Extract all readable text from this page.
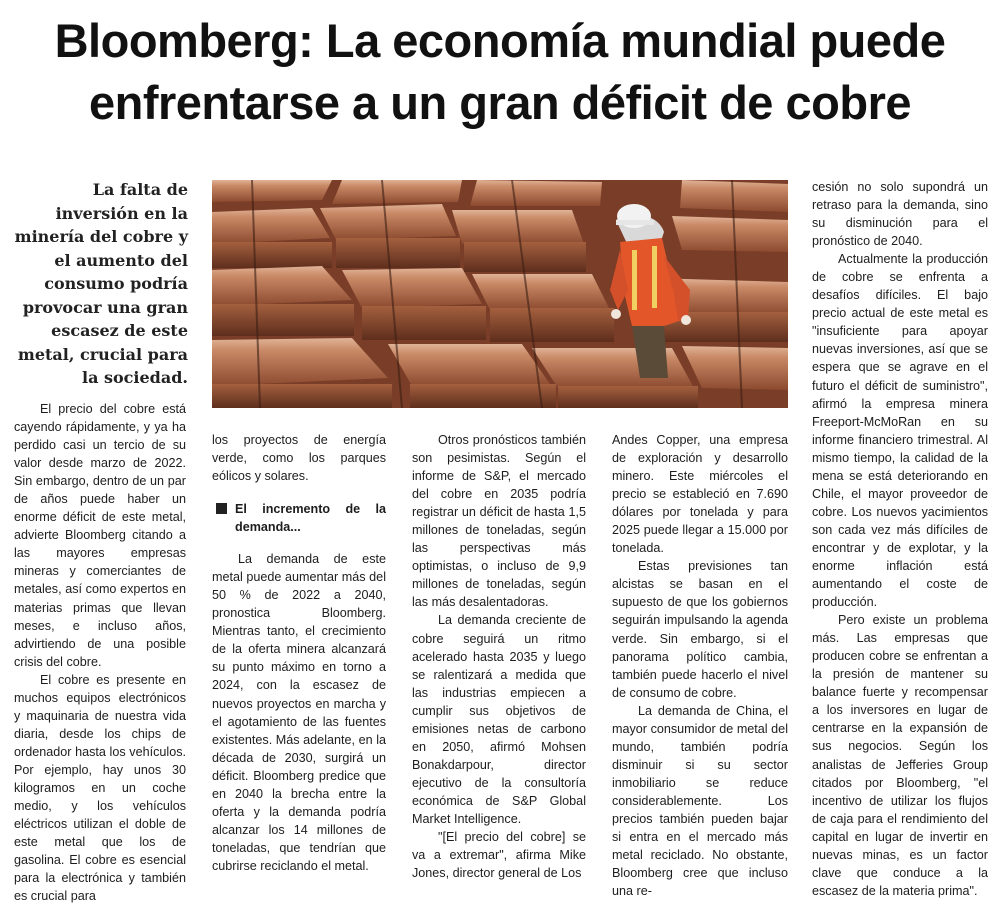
Bloomberg: La economía mundial puede
enfrentarse a un gran déficit de cobre
La falta de inversión en la minería del cobre y el aumento del consumo podría provocar una gran escasez de este metal, crucial para la sociedad.

El precio del cobre está cayendo rápidamente, y ya ha perdido casi un tercio de su valor desde marzo de 2022. Sin embargo, dentro de un par de años puede haber un enorme déficit de este metal, advierte Bloomberg citando a las mayores empresas mineras y comerciantes de metales, así como expertos en materias primas que llevan meses, e incluso años, advirtiendo de una posible crisis del cobre.

El cobre es presente en muchos equipos electrónicos y maquinaria de nuestra vida diaria, desde los chips de ordenador hasta los vehículos. Por ejemplo, hay unos 30 kilogramos en un coche medio, y los vehículos eléctricos utilizan el doble de este metal que los de gasolina. El cobre es esencial para la electrónica y también es crucial para

los proyectos de energía verde, como los parques eólicos y solares.

El incremento de la demanda...

La demanda de este metal puede aumentar más del 50 % de 2022 a 2040, pronostica Bloomberg. Mientras tanto, el crecimiento de la oferta minera alcanzará su punto máximo en torno a 2024, con la escasez de nuevos proyectos en marcha y el agotamiento de las fuentes existentes. Más adelante, en la década de 2030, surgirá un déficit. Bloomberg predice que en 2040 la brecha entre la oferta y la demanda podría alcanzar los 14 millones de toneladas, que tendrían que cubrirse reciclando el metal.

Otros pronósticos también son pesimistas. Según el informe de S&P, el mercado del cobre en 2035 podría registrar un déficit de hasta 1,5 millones de toneladas, según las perspectivas más optimistas, o incluso de 9,9 millones de toneladas, según las más desalentadoras.

La demanda creciente de cobre seguirá un ritmo acelerado hasta 2035 y luego se ralentizará a medida que las industrias empiecen a cumplir sus objetivos de emisiones netas de carbono en 2050, afirmó Mohsen Bonakdarpour, director ejecutivo de la consultoría económica de S&P Global Market Intelligence.

"[El precio del cobre] se va a extremar", afirma Mike Jones, director general de Los

Andes Copper, una empresa de exploración y desarrollo minero. Este miércoles el precio se estableció en 7.690 dólares por tonelada y para 2025 puede llegar a 15.000 por tonelada.

Estas previsiones tan alcistas se basan en el supuesto de que los gobiernos seguirán impulsando la agenda verde. Sin embargo, si el panorama político cambia, también puede hacerlo el nivel de consumo de cobre.

La demanda de China, el mayor consumidor de metal del mundo, también podría disminuir si su sector inmobiliario se reduce considerablemente. Los precios también pueden bajar si entra en el mercado más metal reciclado. No obstante, Bloomberg cree que incluso una re-

cesión no solo supondrá un retraso para la demanda, sino su disminución para el pronóstico de 2040.

Actualmente la producción de cobre se enfrenta a desafíos difíciles. El bajo precio actual de este metal es "insuficiente para apoyar nuevas inversiones, así que se espera que se agrave en el futuro el déficit de suministro", afirmó la empresa minera Freeport-McMoRan en su informe financiero trimestral. Al mismo tiempo, la calidad de la mena se está deteriorando en Chile, el mayor proveedor de cobre. Los nuevos yacimientos son cada vez más difíciles de encontrar y de explotar, y la enorme inflación está aumentando el coste de producción.

Pero existe un problema más. Las empresas que producen cobre se enfrentan a la presión de mantener su balance fuerte y recompensar a los inversores en lugar de centrarse en la expansión de sus negocios. Según los analistas de Jefferies Group citados por Bloomberg, "el incentivo de utilizar los flujos de caja para el rendimiento del capital en lugar de invertir en nuevas minas, es un factor clave que conduce a la escasez de la materia prima".
